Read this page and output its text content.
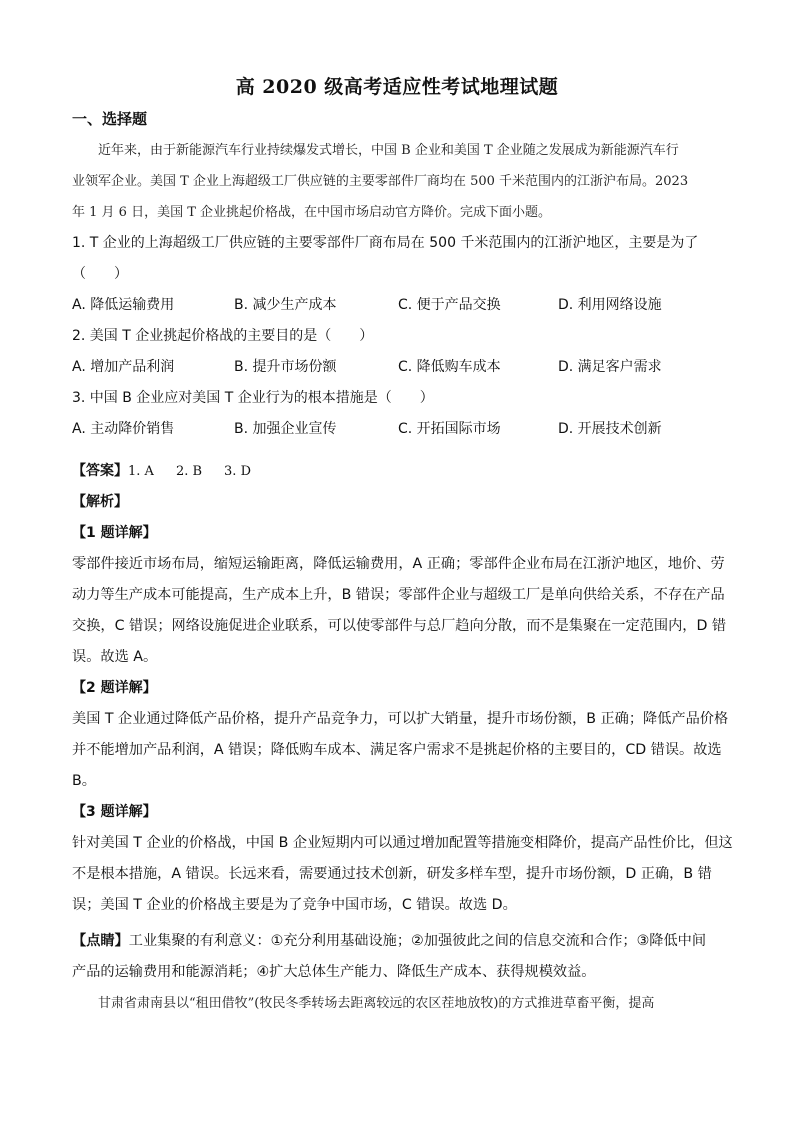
高 2020 级高考适应性考试地理试题
一、选择题
　　近年来，由于新能源汽车行业持续爆发式增长，中国 B 企业和美国 T 企业随之发展成为新能源汽车行
业领军企业。美国 T 企业上海超级工厂供应链的主要零部件厂商均在 500 千米范围内的江浙沪布局。2023
年 1 月 6 日，美国 T 企业挑起价格战，在中国市场启动官方降价。完成下面小题。
1. T 企业的上海超级工厂供应链的主要零部件厂商布局在 500 千米范围内的江浙沪地区，主要是为了
（　　）
A. 降低运输费用	B. 减少生产成本	C. 便于产品交换	D. 利用网络设施
2. 美国 T 企业挑起价格战的主要目的是（　　）
A. 增加产品利润	B. 提升市场份额	C. 降低购车成本	D. 满足客户需求
3. 中国 B 企业应对美国 T 企业行为的根本措施是（　　）
A. 主动降价销售	B. 加强企业宣传	C. 开拓国际市场	D. 开展技术创新
【答案】1. A 2. B 3. D
【解析】
【1 题详解】
零部件接近市场布局，缩短运输距离，降低运输费用，A 正确；零部件企业布局在江浙沪地区，地价、劳
动力等生产成本可能提高，生产成本上升，B 错误；零部件企业与超级工厂是单向供给关系，不存在产品
交换，C 错误；网络设施促进企业联系，可以使零部件与总厂趋向分散，而不是集聚在一定范围内，D 错
误。故选 A。
【2 题详解】
美国 T 企业通过降低产品价格，提升产品竞争力，可以扩大销量，提升市场份额，B 正确；降低产品价格
并不能增加产品利润，A 错误；降低购车成本、满足客户需求不是挑起价格的主要目的，CD 错误。故选
B。
【3 题详解】
针对美国 T 企业的价格战，中国 B 企业短期内可以通过增加配置等措施变相降价，提高产品性价比，但这
不是根本措施，A 错误。长远来看，需要通过技术创新，研发多样车型，提升市场份额，D 正确，B 错
误；美国 T 企业的价格战主要是为了竞争中国市场，C 错误。故选 D。
【点睛】工业集聚的有利意义：①充分利用基础设施；②加强彼此之间的信息交流和合作；③降低中间
产品的运输费用和能源消耗；④扩大总体生产能力、降低生产成本、获得规模效益。
　　甘肃省肃南县以“租田借牧”(牧民冬季转场去距离较远的农区茬地放牧)的方式推进草畜平衡，提高
